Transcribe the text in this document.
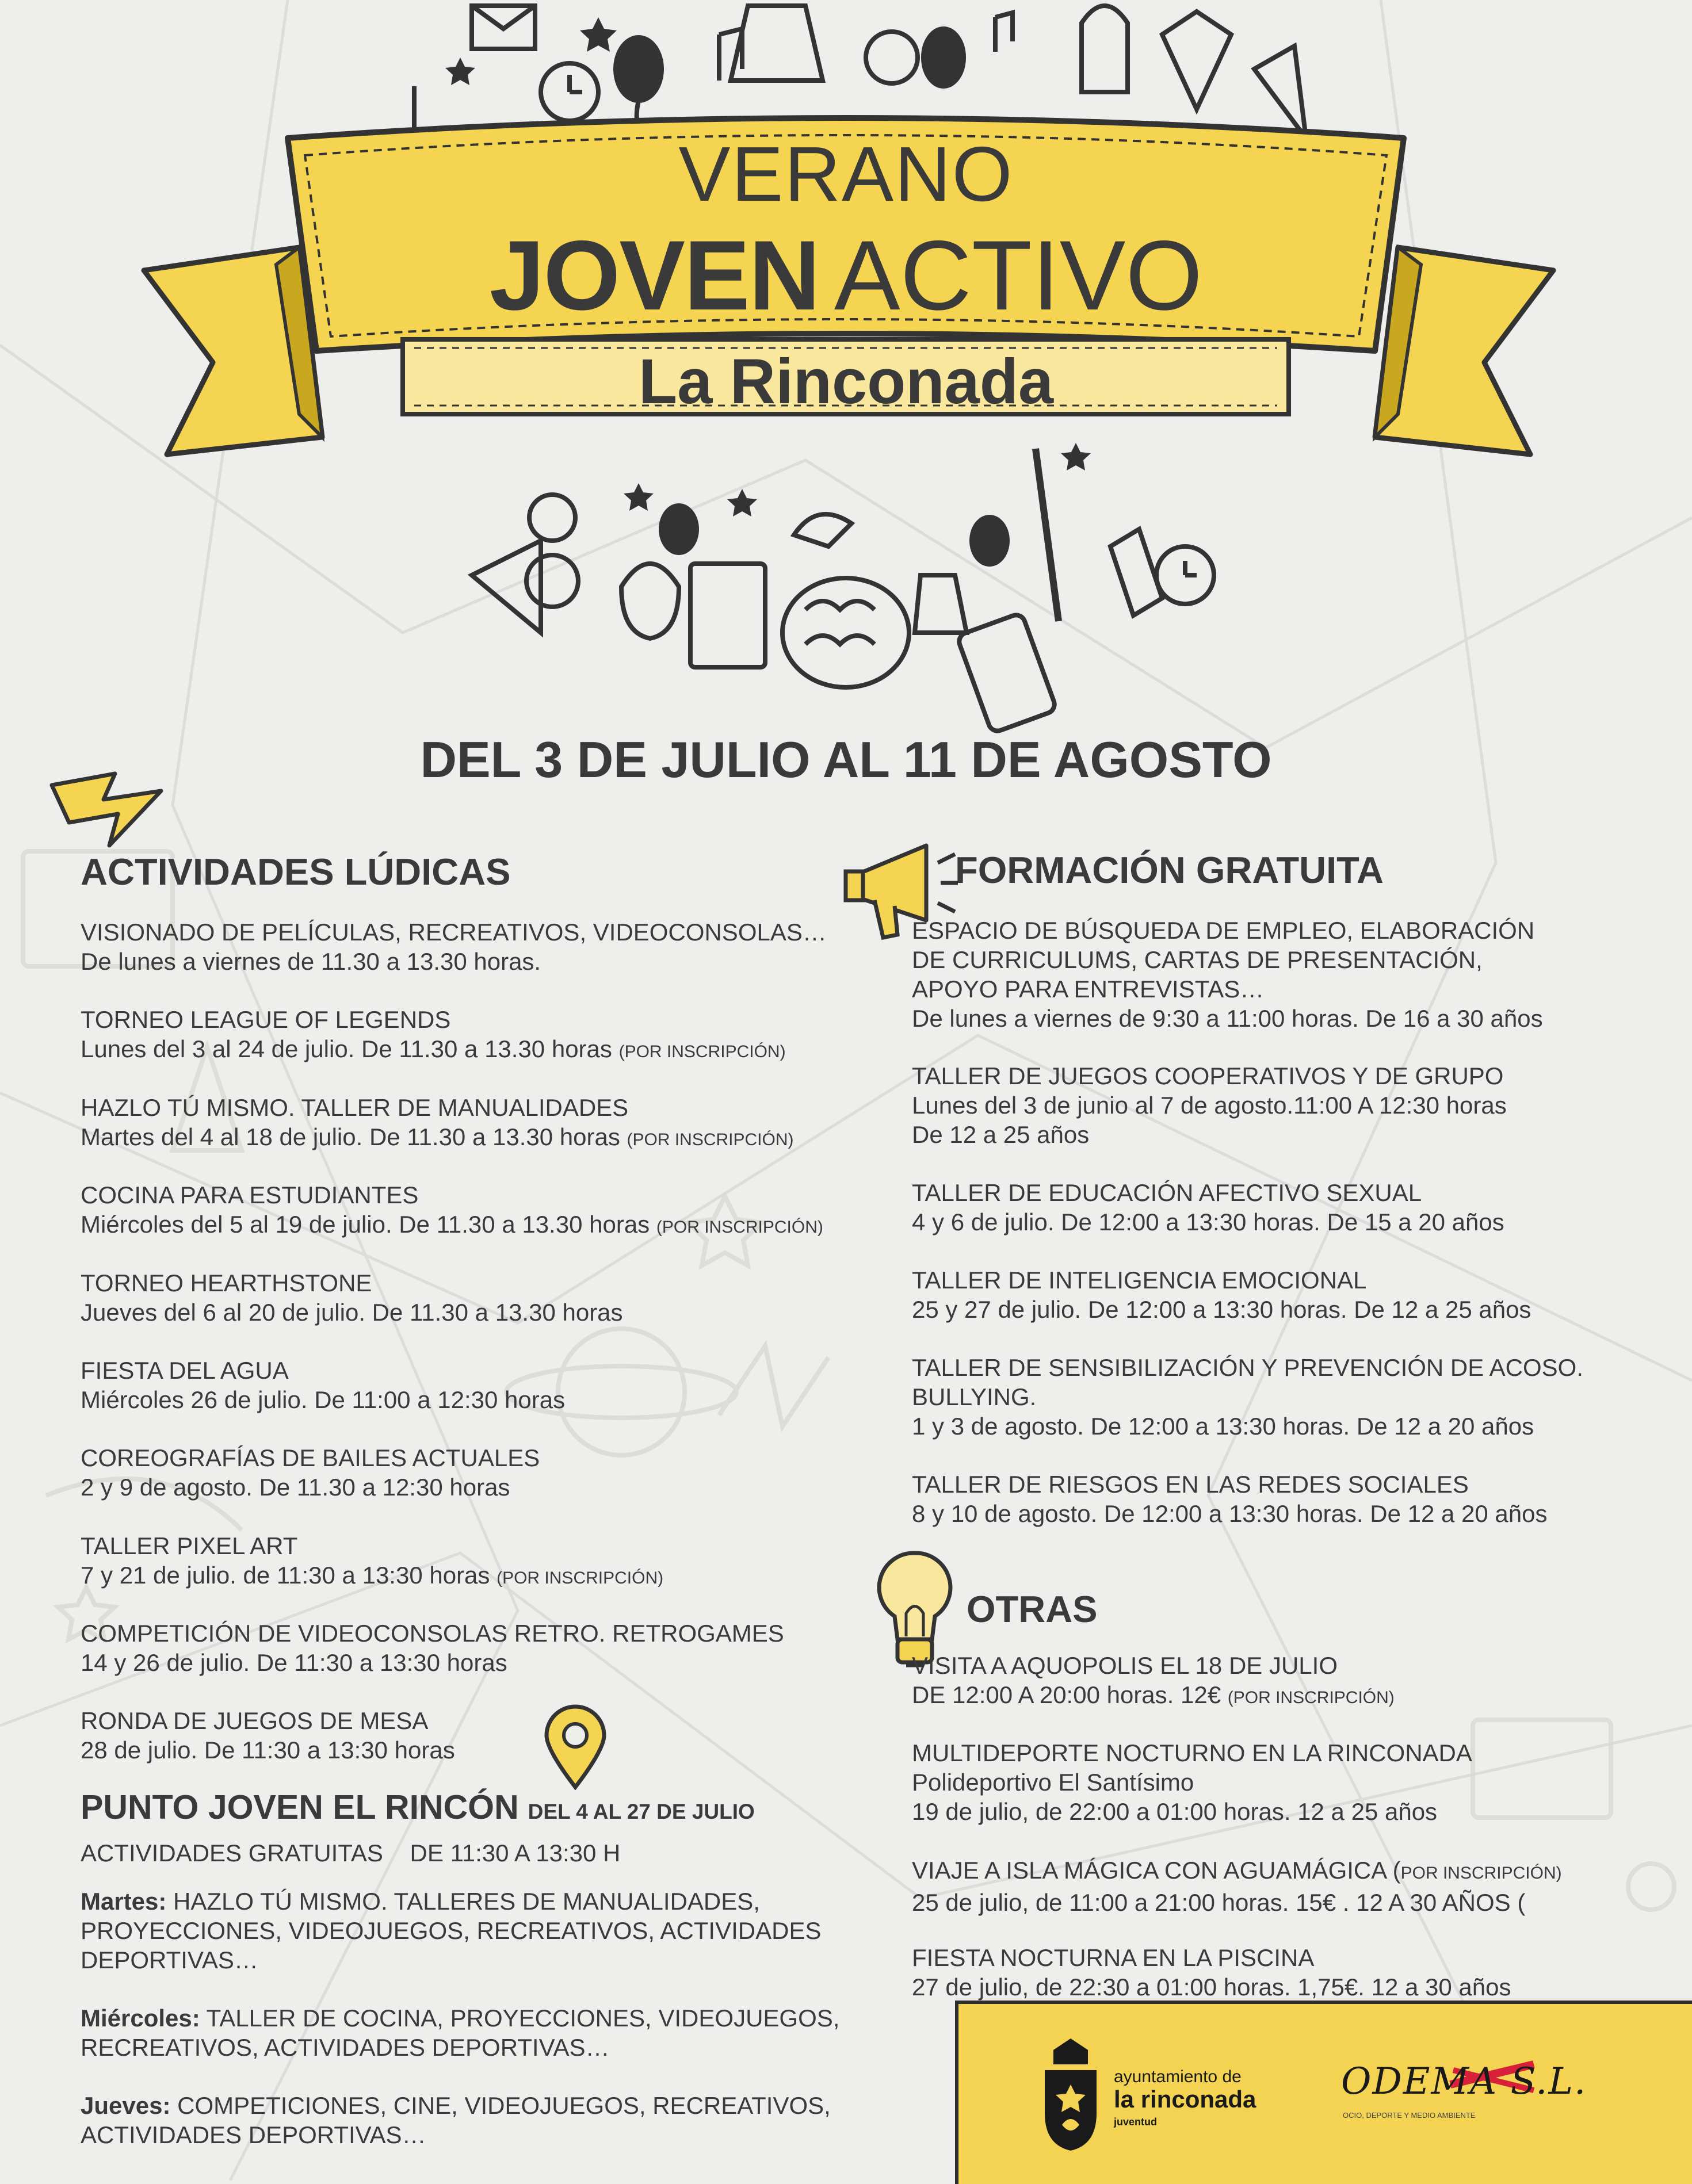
VERANO
JOVEN ACTIVO
La Rinconada
DEL 3 DE JULIO AL 11 DE AGOSTO
ACTIVIDADES LÚDICAS
VISIONADO DE PELÍCULAS, RECREATIVOS, VIDEOCONSOLAS…
De lunes a viernes de 11.30 a 13.30 horas.
TORNEO LEAGUE OF LEGENDS
Lunes del 3 al 24 de julio. De 11.30 a 13.30 horas (POR INSCRIPCIÓN)
HAZLO TÚ MISMO. TALLER DE MANUALIDADES
Martes del 4 al 18 de julio. De 11.30 a 13.30 horas (POR INSCRIPCIÓN)
COCINA PARA ESTUDIANTES
Miércoles del 5 al 19 de julio. De 11.30 a 13.30 horas (POR INSCRIPCIÓN)
TORNEO HEARTHSTONE
Jueves del 6 al 20 de julio. De 11.30 a 13.30 horas
FIESTA DEL AGUA
Miércoles 26 de julio. De 11:00 a 12:30 horas
COREOGRAFÍAS DE BAILES ACTUALES
2 y 9 de agosto. De 11.30 a 12:30 horas
TALLER PIXEL ART
7 y 21 de julio. de 11:30 a 13:30 horas (POR INSCRIPCIÓN)
COMPETICIÓN DE VIDEOCONSOLAS RETRO. RETROGAMES
14 y 26 de julio. De 11:30 a 13:30 horas
RONDA DE JUEGOS DE MESA
28 de julio. De 11:30 a 13:30 horas
PUNTO JOVEN EL RINCÓN DEL 4 AL 27 DE JULIO
ACTIVIDADES GRATUITAS    DE 11:30 A 13:30 H
Martes: HAZLO TÚ MISMO. TALLERES DE MANUALIDADES,
PROYECCIONES, VIDEOJUEGOS, RECREATIVOS, ACTIVIDADES
DEPORTIVAS…
Miércoles: TALLER DE COCINA, PROYECCIONES, VIDEOJUEGOS,
RECREATIVOS, ACTIVIDADES DEPORTIVAS…
Jueves: COMPETICIONES, CINE, VIDEOJUEGOS, RECREATIVOS,
ACTIVIDADES DEPORTIVAS…
FORMACIÓN GRATUITA
ESPACIO DE BÚSQUEDA DE EMPLEO, ELABORACIÓN
DE CURRICULUMS, CARTAS DE PRESENTACIÓN,
APOYO PARA ENTREVISTAS…
De lunes a viernes de 9:30 a 11:00 horas. De 16 a 30 años
TALLER DE JUEGOS COOPERATIVOS Y DE GRUPO
Lunes del 3 de junio al 7 de agosto.11:00 A 12:30 horas
De 12 a 25 años
TALLER DE EDUCACIÓN AFECTIVO SEXUAL
4 y 6 de julio. De 12:00 a 13:30 horas. De 15 a 20 años
TALLER DE INTELIGENCIA EMOCIONAL
25 y 27 de julio. De 12:00 a 13:30 horas. De 12 a 25 años
TALLER DE SENSIBILIZACIÓN Y PREVENCIÓN DE ACOSO.
BULLYING.
1 y 3 de agosto. De 12:00 a 13:30 horas. De 12 a 20 años
TALLER DE RIESGOS EN LAS REDES SOCIALES
8 y 10 de agosto. De 12:00 a 13:30 horas. De 12 a 20 años
OTRAS
VISITA A AQUOPOLIS EL 18 DE JULIO
DE 12:00 A 20:00 horas. 12€ (POR INSCRIPCIÓN)
MULTIDEPORTE NOCTURNO EN LA RINCONADA
Polideportivo El Santísimo
19 de julio, de 22:00 a 01:00 horas. 12 a 25 años
VIAJE A ISLA MÁGICA CON AGUAMÁGICA (POR INSCRIPCIÓN)
25 de julio, de 11:00 a 21:00 horas. 15€ . 12 A 30 AÑOS (
FIESTA NOCTURNA EN LA PISCINA
27 de julio, de 22:30 a 01:00 horas. 1,75€. 12 a 30 años
ayuntamiento de
la rinconada
juventud
ODEMA S.L.
OCIO, DEPORTE Y MEDIO AMBIENTE
